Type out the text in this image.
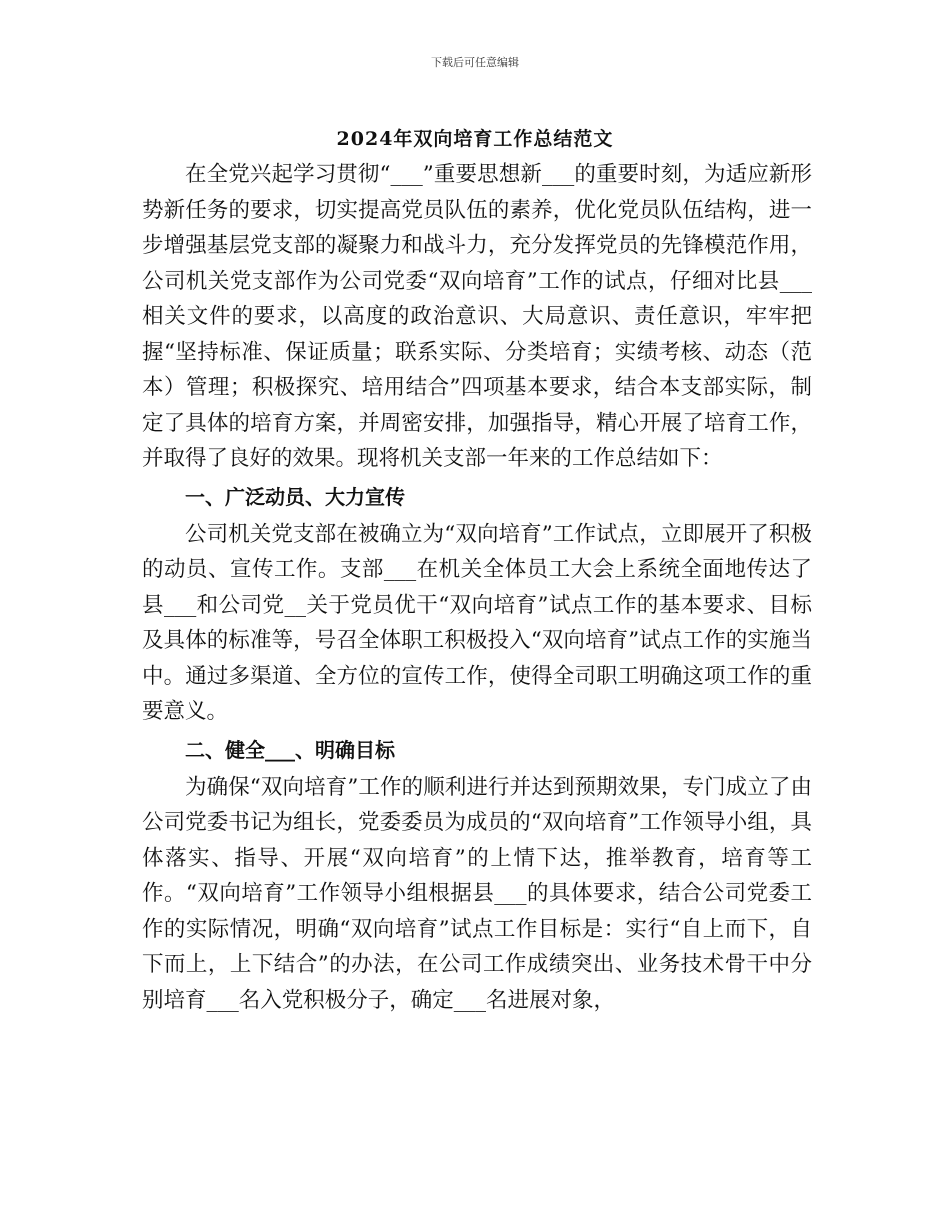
下载后可任意编辑
2024年双向培育工作总结范文

在全党兴起学习贯彻“___”重要思想新___的重要时刻，为适应新形势新任务的要求，切实提高党员队伍的素养，优化党员队伍结构，进一步增强基层党支部的凝聚力和战斗力，充分发挥党员的先锋模范作用，公司机关党支部作为公司党委“双向培育”工作的试点，仔细对比县___相关文件的要求，以高度的政治意识、大局意识、责任意识，牢牢把握“坚持标准、保证质量；联系实际、分类培育；实绩考核、动态（范本）管理；积极探究、培用结合”四项基本要求，结合本支部实际，制定了具体的培育方案，并周密安排，加强指导，精心开展了培育工作，并取得了良好的效果。现将机关支部一年来的工作总结如下：

一、广泛动员、大力宣传

公司机关党支部在被确立为“双向培育”工作试点，立即展开了积极的动员、宣传工作。支部___在机关全体员工大会上系统全面地传达了县___和公司党__关于党员优干“双向培育”试点工作的基本要求、目标及具体的标准等，号召全体职工积极投入“双向培育”试点工作的实施当中。通过多渠道、全方位的宣传工作，使得全司职工明确这项工作的重要意义。

二、健全___、明确目标

为确保“双向培育”工作的顺利进行并达到预期效果，专门成立了由公司党委书记为组长，党委委员为成员的“双向培育”工作领导小组，具体落实、指导、开展“双向培育”的上情下达，推举教育，培育等工作。“双向培育”工作领导小组根据县___的具体要求，结合公司党委工作的实际情况，明确“双向培育”试点工作目标是：实行“自上而下，自下而上，上下结合”的办法，在公司工作成绩突出、业务技术骨干中分别培育___名入党积极分子，确定___名进展对象，
